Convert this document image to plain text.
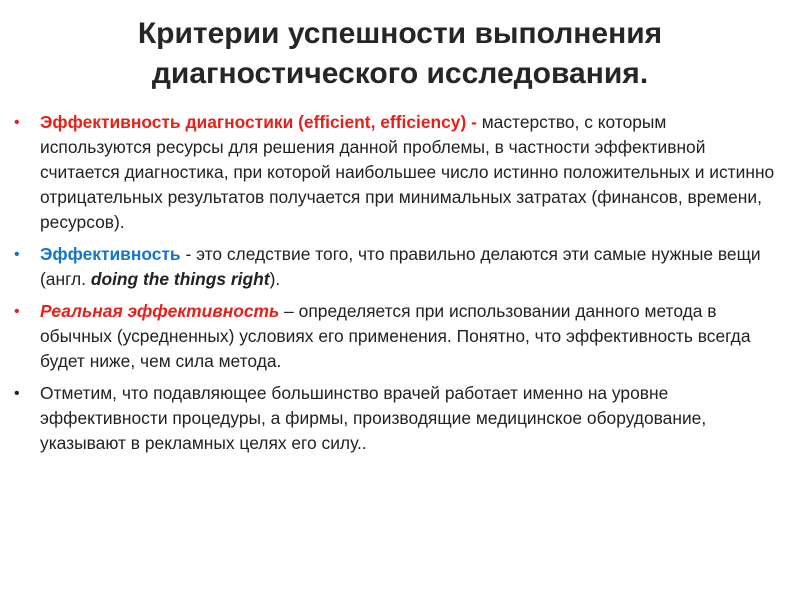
Критерии успешности выполнения
диагностического исследования.
• Эффективность диагностики (efficient, efficiency) - мастерство, с которым используются ресурсы для решения данной проблемы, в частности эффективной считается диагностика, при которой наибольшее число истинно положительных и истинно отрицательных результатов получается при минимальных затратах (финансов, времени, ресурсов).
• Эффективность - это следствие того, что правильно делаются эти самые нужные вещи (англ. doing the things right).
• Реальная эффективность – определяется при использовании данного метода в обычных (усредненных) условиях его применения. Понятно, что эффективность всегда будет ниже, чем сила метода.
• Отметим, что подавляющее большинство врачей работает именно на уровне эффективности процедуры, а фирмы, производящие медицинское оборудование, указывают в рекламных целях его силу..
